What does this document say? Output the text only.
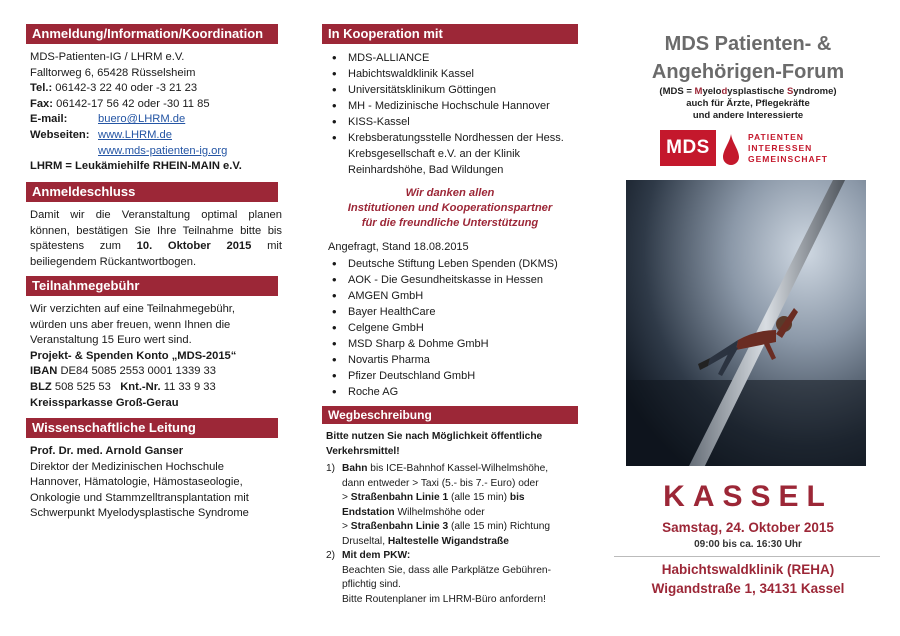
Anmeldung/Information/Koordination
MDS-Patienten-IG / LHRM e.V.
Falltorweg 6, 65428 Rüsselsheim
Tel.: 06142-3 22 40 oder -3 21 23
Fax: 06142-17 56 42 oder -30 11 85
E-mail:	buero@LHRM.de
Webseiten: www.LHRM.de
www.mds-patienten-ig.org
LHRM = Leukämiehilfe RHEIN-MAIN e.V.
Anmeldeschluss
Damit wir die Veranstaltung optimal planen können, bestätigen Sie Ihre Teilnahme bitte bis spätestens zum 10. Oktober 2015 mit beiliegendem Rückantwortbogen.
Teilnahmegebühr
Wir verzichten auf eine Teilnahmegebühr,
würden uns aber freuen, wenn Ihnen die
Veranstaltung 15 Euro wert sind.
Projekt- & Spenden Konto „MDS-2015“
IBAN DE84 5085 2553 0001 1339 33
BLZ 508 525 53 Knt.-Nr. 11 33 9 33
Kreissparkasse Groß-Gerau
Wissenschaftliche Leitung
Prof. Dr. med. Arnold Ganser
Direktor der Medizinischen Hochschule
Hannover, Hämatologie, Hämostaseologie,
Onkologie und Stammzelltransplantation mit
Schwerpunkt Myelodysplastische Syndrome
In Kooperation mit
• MDS-ALLIANCE
• Habichtswaldklinik Kassel
• Universitätsklinikum Göttingen
• MH - Medizinische Hochschule Hannover
• KISS-Kassel
• Krebsberatungsstelle Nordhessen der Hess.
Krebsgesellschaft e.V. an der Klinik
Reinhardshöhe, Bad Wildungen
Wir danken allen
Institutionen und Kooperationspartner
für die freundliche Unterstützung
Angefragt, Stand 18.08.2015
• Deutsche Stiftung Leben Spenden (DKMS)
• AOK - Die Gesundheitskasse in Hessen
• AMGEN GmbH
• Bayer HealthCare
• Celgene GmbH
• MSD Sharp & Dohme GmbH
• Novartis Pharma
• Pfizer Deutschland GmbH
• Roche AG
Wegbeschreibung
Bitte nutzen Sie nach Möglichkeit öffentliche
Verkehrsmittel!
1) Bahn bis ICE-Bahnhof Kassel-Wilhelmshöhe,
dann entweder > Taxi (5.- bis 7.- Euro) oder
> Straßenbahn Linie 1 (alle 15 min) bis
Endstation Wilhelmshöhe oder
> Straßenbahn Linie 3 (alle 15 min) Richtung
Druseltal, Haltestelle Wigandstraße
2) Mit dem PKW:
Beachten Sie, dass alle Parkplätze Gebühren-
pflichtig sind.
Bitte Routenplaner im LHRM-Büro anfordern!
MDS Patienten- &
Angehörigen-Forum
(MDS = Myelodysplastische Syndrome)
auch für Ärzte, Pflegekräfte
und andere Interessierte
MDS	PATIENTEN
INTERESSEN
GEMEINSCHAFT
KASSEL
Samstag, 24. Oktober 2015
09:00 bis ca. 16:30 Uhr
Habichtswaldklinik (REHA)
Wigandstraße 1, 34131 Kassel
